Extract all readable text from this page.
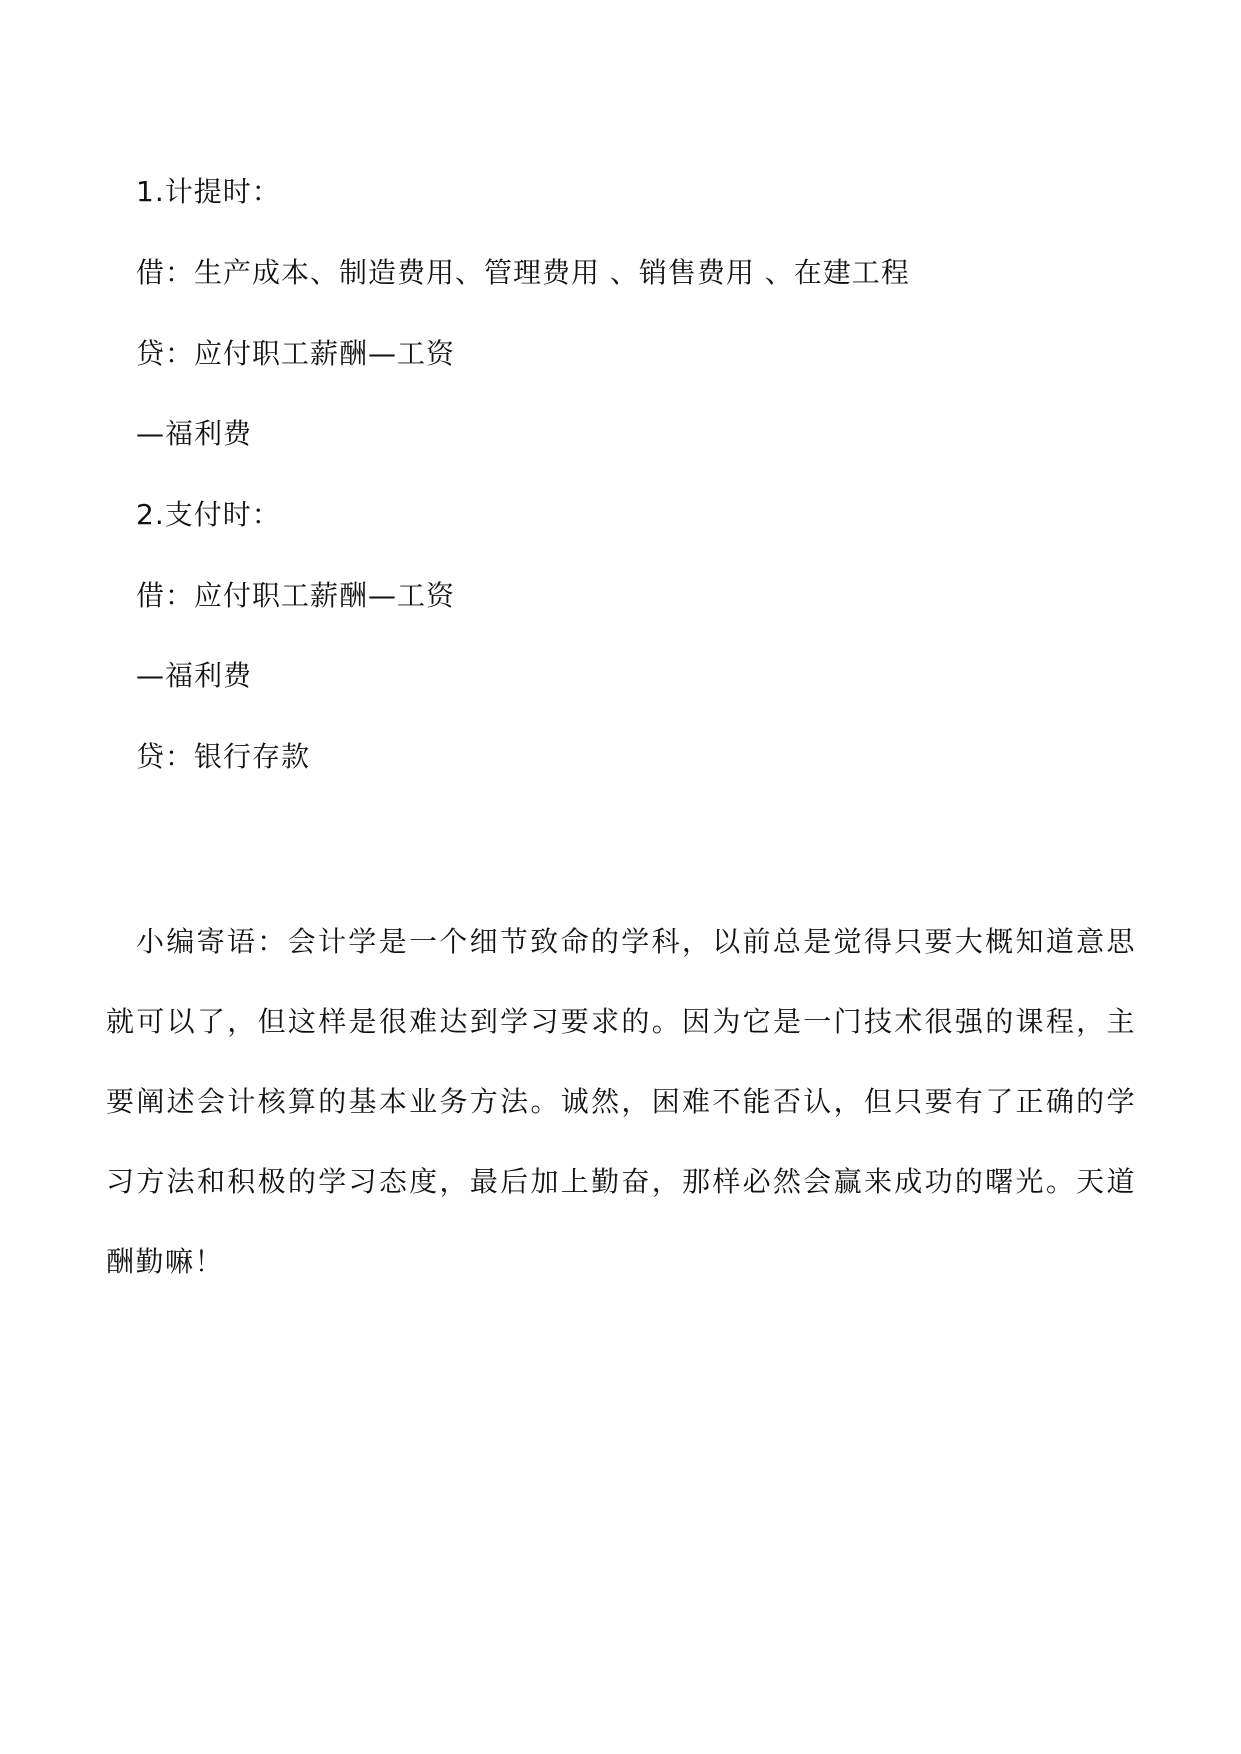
1.计提时：
借：生产成本、制造费用、管理费用 、销售费用 、在建工程
贷：应付职工薪酬—工资
—福利费
2.支付时：
借：应付职工薪酬—工资
—福利费
贷：银行存款

小编寄语：会计学是一个细节致命的学科，以前总是觉得只要大概知道意思就可以了，但这样是很难达到学习要求的。因为它是一门技术很强的课程，主要阐述会计核算的基本业务方法。诚然，困难不能否认，但只要有了正确的学习方法和积极的学习态度，最后加上勤奋，那样必然会赢来成功的曙光。天道酬勤嘛！
